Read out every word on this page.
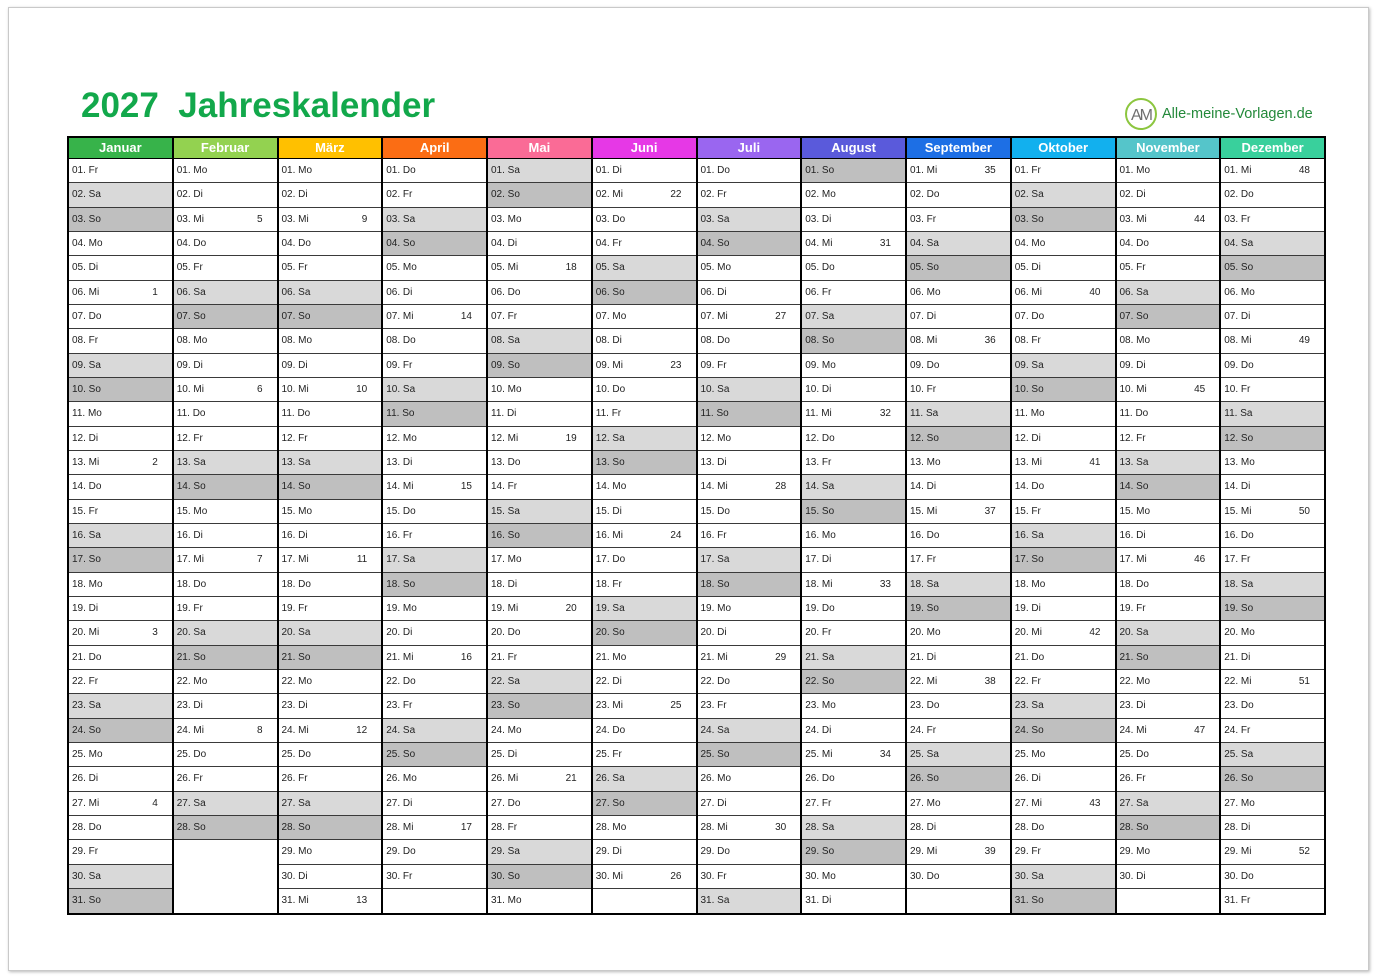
2027  Jahreskalender	AM Alle-meine-Vorlagen.de
Januar
01. Fr
02. Sa
03. So
04. Mo
05. Di
06. Mi	1
07. Do
08. Fr
09. Sa
10. So
11. Mo
12. Di
13. Mi	2
14. Do
15. Fr
16. Sa
17. So
18. Mo
19. Di
20. Mi	3
21. Do
22. Fr
23. Sa
24. So
25. Mo
26. Di
27. Mi	4
28. Do
29. Fr
30. Sa
31. So
Februar
01. Mo
02. Di
03. Mi	5
04. Do
05. Fr
06. Sa
07. So
08. Mo
09. Di
10. Mi	6
11. Do
12. Fr
13. Sa
14. So
15. Mo
16. Di
17. Mi	7
18. Do
19. Fr
20. Sa
21. So
22. Mo
23. Di
24. Mi	8
25. Do
26. Fr
27. Sa
28. So
März
01. Mo
02. Di
03. Mi	9
04. Do
05. Fr
06. Sa
07. So
08. Mo
09. Di
10. Mi	10
11. Do
12. Fr
13. Sa
14. So
15. Mo
16. Di
17. Mi	11
18. Do
19. Fr
20. Sa
21. So
22. Mo
23. Di
24. Mi	12
25. Do
26. Fr
27. Sa
28. So
29. Mo
30. Di
31. Mi	13
April
01. Do
02. Fr
03. Sa
04. So
05. Mo
06. Di
07. Mi	14
08. Do
09. Fr
10. Sa
11. So
12. Mo
13. Di
14. Mi	15
15. Do
16. Fr
17. Sa
18. So
19. Mo
20. Di
21. Mi	16
22. Do
23. Fr
24. Sa
25. So
26. Mo
27. Di
28. Mi	17
29. Do
30. Fr
Mai
01. Sa
02. So
03. Mo
04. Di
05. Mi	18
06. Do
07. Fr
08. Sa
09. So
10. Mo
11. Di
12. Mi	19
13. Do
14. Fr
15. Sa
16. So
17. Mo
18. Di
19. Mi	20
20. Do
21. Fr
22. Sa
23. So
24. Mo
25. Di
26. Mi	21
27. Do
28. Fr
29. Sa
30. So
31. Mo
Juni
01. Di
02. Mi	22
03. Do
04. Fr
05. Sa
06. So
07. Mo
08. Di
09. Mi	23
10. Do
11. Fr
12. Sa
13. So
14. Mo
15. Di
16. Mi	24
17. Do
18. Fr
19. Sa
20. So
21. Mo
22. Di
23. Mi	25
24. Do
25. Fr
26. Sa
27. So
28. Mo
29. Di
30. Mi	26
Juli
01. Do
02. Fr
03. Sa
04. So
05. Mo
06. Di
07. Mi	27
08. Do
09. Fr
10. Sa
11. So
12. Mo
13. Di
14. Mi	28
15. Do
16. Fr
17. Sa
18. So
19. Mo
20. Di
21. Mi	29
22. Do
23. Fr
24. Sa
25. So
26. Mo
27. Di
28. Mi	30
29. Do
30. Fr
31. Sa
August
01. So
02. Mo
03. Di
04. Mi	31
05. Do
06. Fr
07. Sa
08. So
09. Mo
10. Di
11. Mi	32
12. Do
13. Fr
14. Sa
15. So
16. Mo
17. Di
18. Mi	33
19. Do
20. Fr
21. Sa
22. So
23. Mo
24. Di
25. Mi	34
26. Do
27. Fr
28. Sa
29. So
30. Mo
31. Di
September
01. Mi	35
02. Do
03. Fr
04. Sa
05. So
06. Mo
07. Di
08. Mi	36
09. Do
10. Fr
11. Sa
12. So
13. Mo
14. Di
15. Mi	37
16. Do
17. Fr
18. Sa
19. So
20. Mo
21. Di
22. Mi	38
23. Do
24. Fr
25. Sa
26. So
27. Mo
28. Di
29. Mi	39
30. Do
Oktober
01. Fr
02. Sa
03. So
04. Mo
05. Di
06. Mi	40
07. Do
08. Fr
09. Sa
10. So
11. Mo
12. Di
13. Mi	41
14. Do
15. Fr
16. Sa
17. So
18. Mo
19. Di
20. Mi	42
21. Do
22. Fr
23. Sa
24. So
25. Mo
26. Di
27. Mi	43
28. Do
29. Fr
30. Sa
31. So
November
01. Mo
02. Di
03. Mi	44
04. Do
05. Fr
06. Sa
07. So
08. Mo
09. Di
10. Mi	45
11. Do
12. Fr
13. Sa
14. So
15. Mo
16. Di
17. Mi	46
18. Do
19. Fr
20. Sa
21. So
22. Mo
23. Di
24. Mi	47
25. Do
26. Fr
27. Sa
28. So
29. Mo
30. Di
Dezember
01. Mi	48
02. Do
03. Fr
04. Sa
05. So
06. Mo
07. Di
08. Mi	49
09. Do
10. Fr
11. Sa
12. So
13. Mo
14. Di
15. Mi	50
16. Do
17. Fr
18. Sa
19. So
20. Mo
21. Di
22. Mi	51
23. Do
24. Fr
25. Sa
26. So
27. Mo
28. Di
29. Mi	52
30. Do
31. Fr
